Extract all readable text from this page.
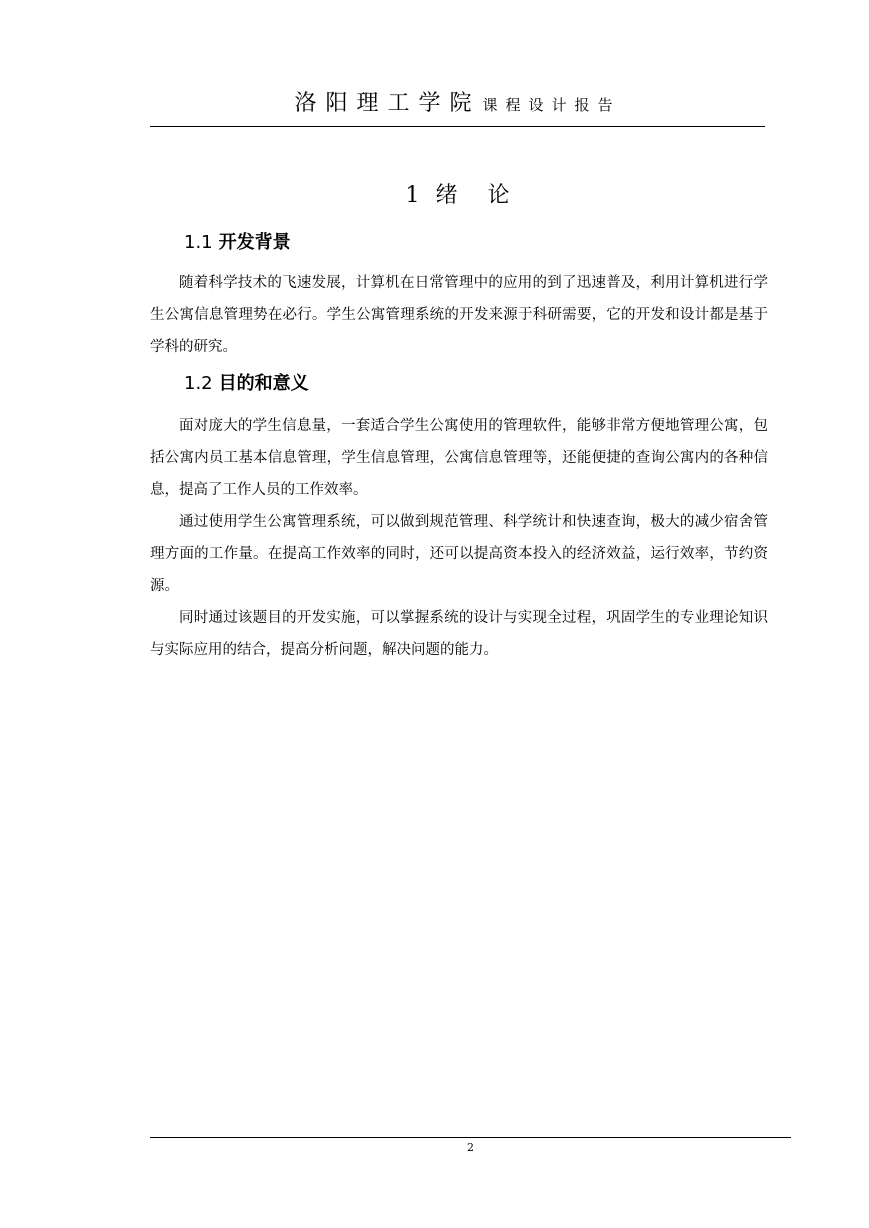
洛阳理工学院 课程设计报告
1 绪论
1.1 开发背景

随着科学技术的飞速发展，计算机在日常管理中的应用的到了迅速普及，利用计算机进行学生公寓信息管理势在必行。学生公寓管理系统的开发来源于科研需要，它的开发和设计都是基于学科的研究。

1.2 目的和意义

面对庞大的学生信息量，一套适合学生公寓使用的管理软件，能够非常方便地管理公寓，包括公寓内员工基本信息管理，学生信息管理，公寓信息管理等，还能便捷的查询公寓内的各种信息，提高了工作人员的工作效率。

通过使用学生公寓管理系统，可以做到规范管理、科学统计和快速查询，极大的减少宿舍管理方面的工作量。在提高工作效率的同时，还可以提高资本投入的经济效益，运行效率，节约资源。

同时通过该题目的开发实施，可以掌握系统的设计与实现全过程，巩固学生的专业理论知识与实际应用的结合，提高分析问题，解决问题的能力。

2
